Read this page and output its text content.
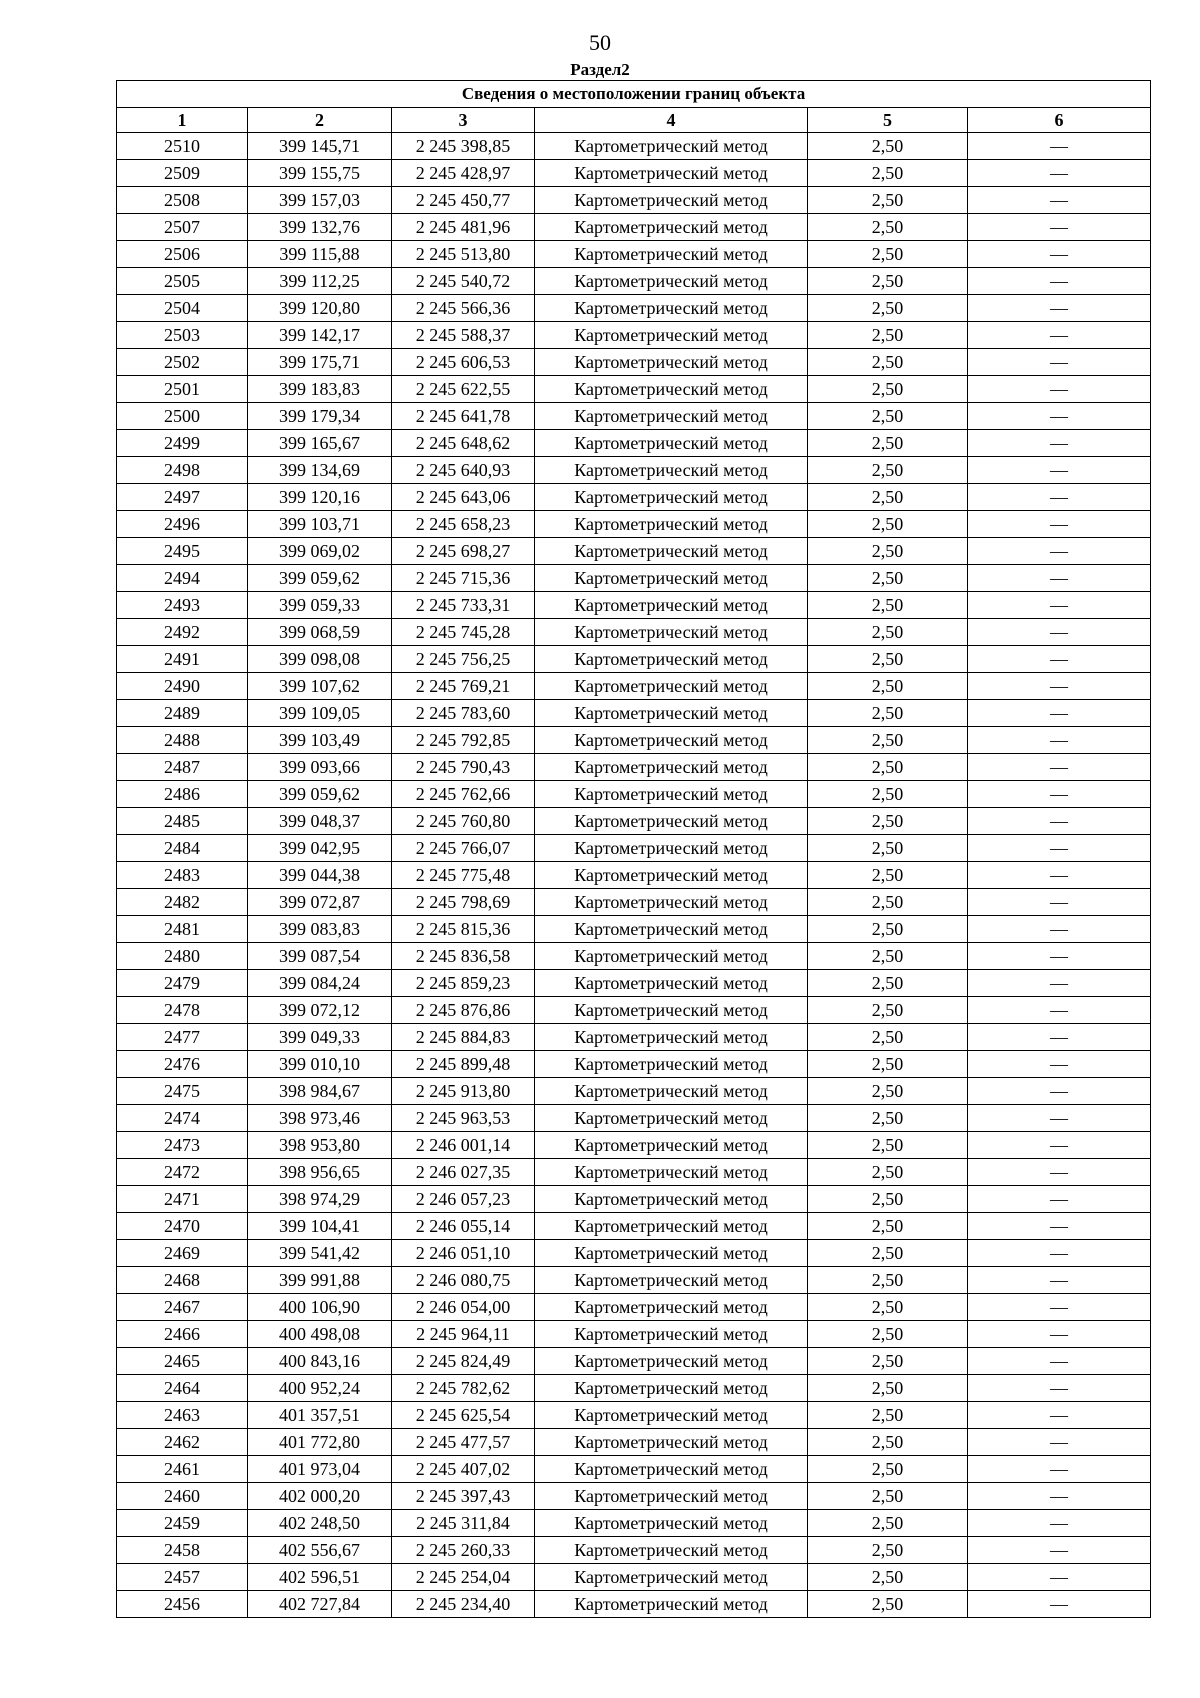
50
Раздел2
Сведения о местоположении границ объекта					
1	2	3	4	5	6
2510	399 145,71	2 245 398,85	Картометрический метод	2,50	—
2509	399 155,75	2 245 428,97	Картометрический метод	2,50	—
2508	399 157,03	2 245 450,77	Картометрический метод	2,50	—
2507	399 132,76	2 245 481,96	Картометрический метод	2,50	—
2506	399 115,88	2 245 513,80	Картометрический метод	2,50	—
2505	399 112,25	2 245 540,72	Картометрический метод	2,50	—
2504	399 120,80	2 245 566,36	Картометрический метод	2,50	—
2503	399 142,17	2 245 588,37	Картометрический метод	2,50	—
2502	399 175,71	2 245 606,53	Картометрический метод	2,50	—
2501	399 183,83	2 245 622,55	Картометрический метод	2,50	—
2500	399 179,34	2 245 641,78	Картометрический метод	2,50	—
2499	399 165,67	2 245 648,62	Картометрический метод	2,50	—
2498	399 134,69	2 245 640,93	Картометрический метод	2,50	—
2497	399 120,16	2 245 643,06	Картометрический метод	2,50	—
2496	399 103,71	2 245 658,23	Картометрический метод	2,50	—
2495	399 069,02	2 245 698,27	Картометрический метод	2,50	—
2494	399 059,62	2 245 715,36	Картометрический метод	2,50	—
2493	399 059,33	2 245 733,31	Картометрический метод	2,50	—
2492	399 068,59	2 245 745,28	Картометрический метод	2,50	—
2491	399 098,08	2 245 756,25	Картометрический метод	2,50	—
2490	399 107,62	2 245 769,21	Картометрический метод	2,50	—
2489	399 109,05	2 245 783,60	Картометрический метод	2,50	—
2488	399 103,49	2 245 792,85	Картометрический метод	2,50	—
2487	399 093,66	2 245 790,43	Картометрический метод	2,50	—
2486	399 059,62	2 245 762,66	Картометрический метод	2,50	—
2485	399 048,37	2 245 760,80	Картометрический метод	2,50	—
2484	399 042,95	2 245 766,07	Картометрический метод	2,50	—
2483	399 044,38	2 245 775,48	Картометрический метод	2,50	—
2482	399 072,87	2 245 798,69	Картометрический метод	2,50	—
2481	399 083,83	2 245 815,36	Картометрический метод	2,50	—
2480	399 087,54	2 245 836,58	Картометрический метод	2,50	—
2479	399 084,24	2 245 859,23	Картометрический метод	2,50	—
2478	399 072,12	2 245 876,86	Картометрический метод	2,50	—
2477	399 049,33	2 245 884,83	Картометрический метод	2,50	—
2476	399 010,10	2 245 899,48	Картометрический метод	2,50	—
2475	398 984,67	2 245 913,80	Картометрический метод	2,50	—
2474	398 973,46	2 245 963,53	Картометрический метод	2,50	—
2473	398 953,80	2 246 001,14	Картометрический метод	2,50	—
2472	398 956,65	2 246 027,35	Картометрический метод	2,50	—
2471	398 974,29	2 246 057,23	Картометрический метод	2,50	—
2470	399 104,41	2 246 055,14	Картометрический метод	2,50	—
2469	399 541,42	2 246 051,10	Картометрический метод	2,50	—
2468	399 991,88	2 246 080,75	Картометрический метод	2,50	—
2467	400 106,90	2 246 054,00	Картометрический метод	2,50	—
2466	400 498,08	2 245 964,11	Картометрический метод	2,50	—
2465	400 843,16	2 245 824,49	Картометрический метод	2,50	—
2464	400 952,24	2 245 782,62	Картометрический метод	2,50	—
2463	401 357,51	2 245 625,54	Картометрический метод	2,50	—
2462	401 772,80	2 245 477,57	Картометрический метод	2,50	—
2461	401 973,04	2 245 407,02	Картометрический метод	2,50	—
2460	402 000,20	2 245 397,43	Картометрический метод	2,50	—
2459	402 248,50	2 245 311,84	Картометрический метод	2,50	—
2458	402 556,67	2 245 260,33	Картометрический метод	2,50	—
2457	402 596,51	2 245 254,04	Картометрический метод	2,50	—
2456	402 727,84	2 245 234,40	Картометрический метод	2,50	—
